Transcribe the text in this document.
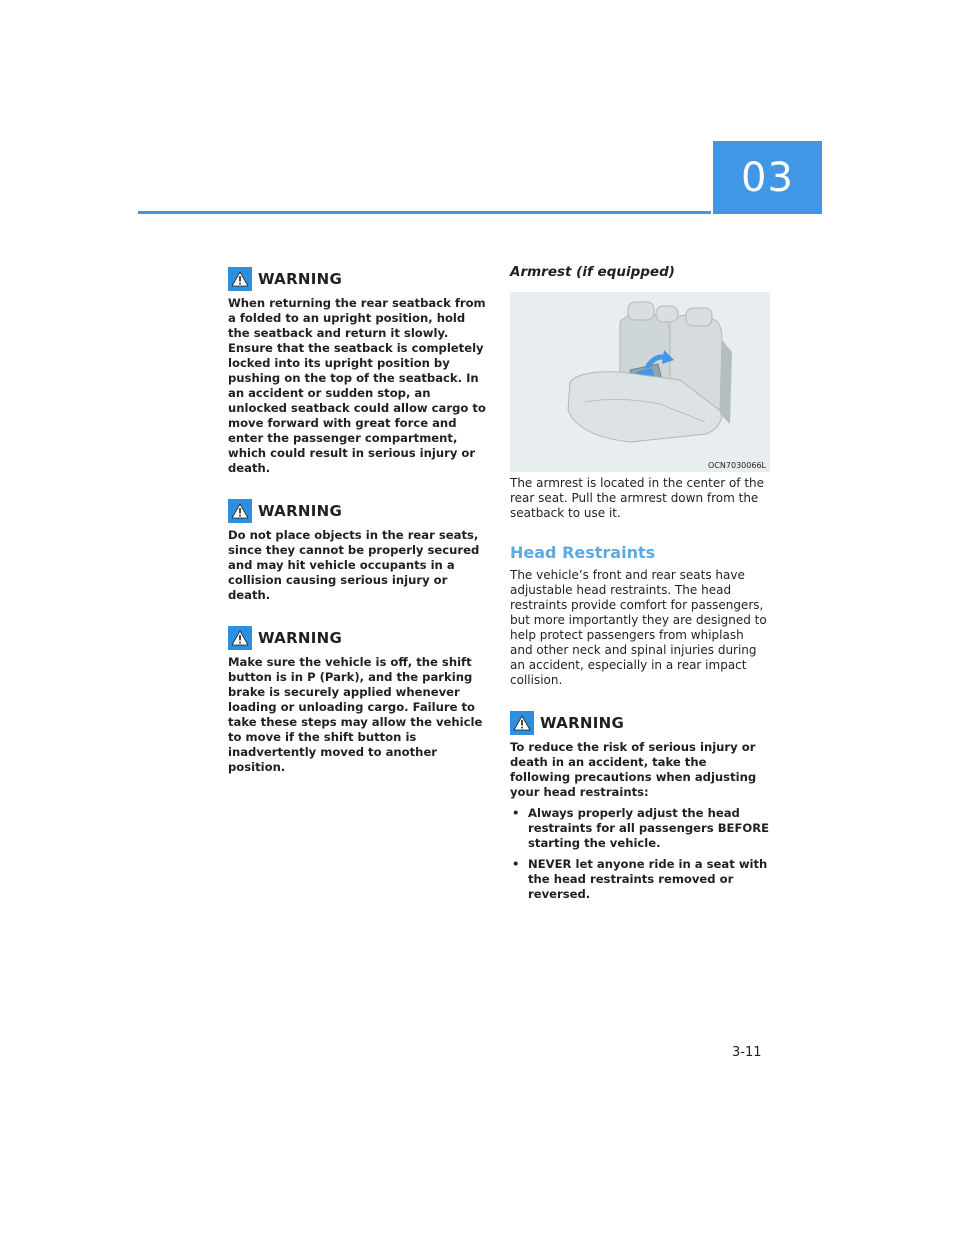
03
WARNING

When returning the rear seatback from a folded to an upright position, hold the seatback and return it slowly. Ensure that the seatback is completely locked into its upright position by pushing on the top of the seatback. In an accident or sudden stop, an unlocked seatback could allow cargo to move forward with great force and enter the passenger compartment, which could result in serious injury or death.

WARNING

Do not place objects in the rear seats, since they cannot be properly secured and may hit vehicle occupants in a collision causing serious injury or death.

WARNING

Make sure the vehicle is off, the shift button is in P (Park), and the parking brake is securely applied whenever loading or unloading cargo. Failure to take these steps may allow the vehicle to move if the shift button is inadvertently moved to another position.

Armrest (if equipped)
OCN7030066L

The armrest is located in the center of the rear seat. Pull the armrest down from the seatback to use it.

Head Restraints

The vehicle’s front and rear seats have adjustable head restraints. The head restraints provide comfort for passengers, but more importantly they are designed to help protect passengers from whiplash and other neck and spinal injuries during an accident, especially in a rear impact collision.

WARNING

To reduce the risk of serious injury or death in an accident, take the following precautions when adjusting your head restraints:

• Always properly adjust the head restraints for all passengers BEFORE starting the vehicle.
• NEVER let anyone ride in a seat with the head restraints removed or reversed.
3-11
